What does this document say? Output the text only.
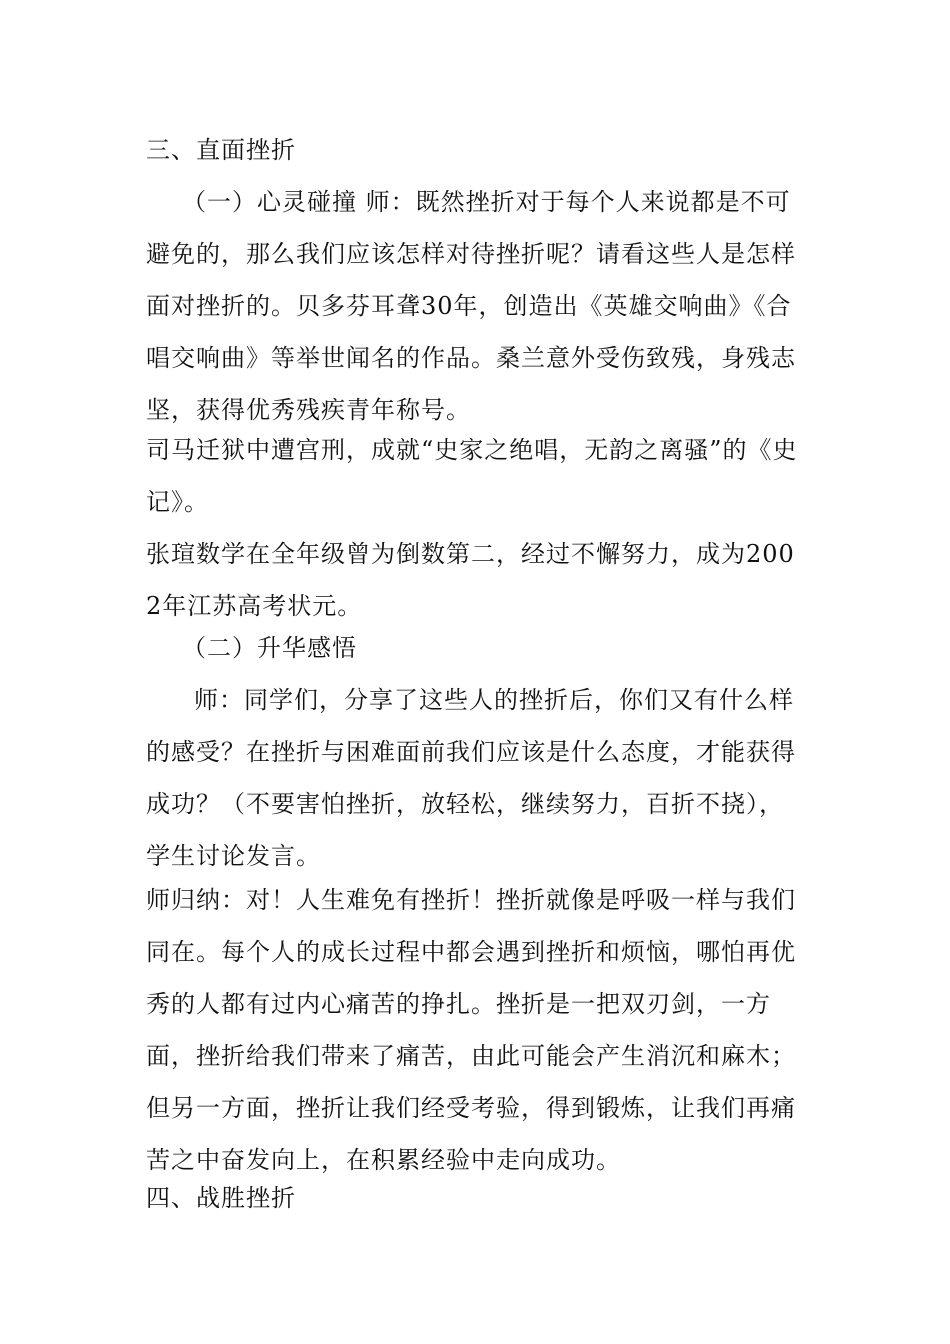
三、直面挫折
（一）心灵碰撞 师：既然挫折对于每个人来说都是不可避免的，那么我们应该怎样对待挫折呢？请看这些人是怎样面对挫折的。贝多芬耳聋30年，创造出《英雄交响曲》《合唱交响曲》等举世闻名的作品。桑兰意外受伤致残，身残志坚，获得优秀残疾青年称号。
司马迁狱中遭宫刑，成就“史家之绝唱，无韵之离骚”的《史记》。
张瑄数学在全年级曾为倒数第二，经过不懈努力，成为2002年江苏高考状元。
（二）升华感悟
师：同学们，分享了这些人的挫折后，你们又有什么样的感受？在挫折与困难面前我们应该是什么态度，才能获得成功？（不要害怕挫折，放轻松，继续努力，百折不挠），学生讨论发言。
师归纳：对！人生难免有挫折！挫折就像是呼吸一样与我们同在。每个人的成长过程中都会遇到挫折和烦恼，哪怕再优秀的人都有过内心痛苦的挣扎。挫折是一把双刃剑，一方面，挫折给我们带来了痛苦，由此可能会产生消沉和麻木；但另一方面，挫折让我们经受考验，得到锻炼，让我们再痛苦之中奋发向上，在积累经验中走向成功。
四、战胜挫折
